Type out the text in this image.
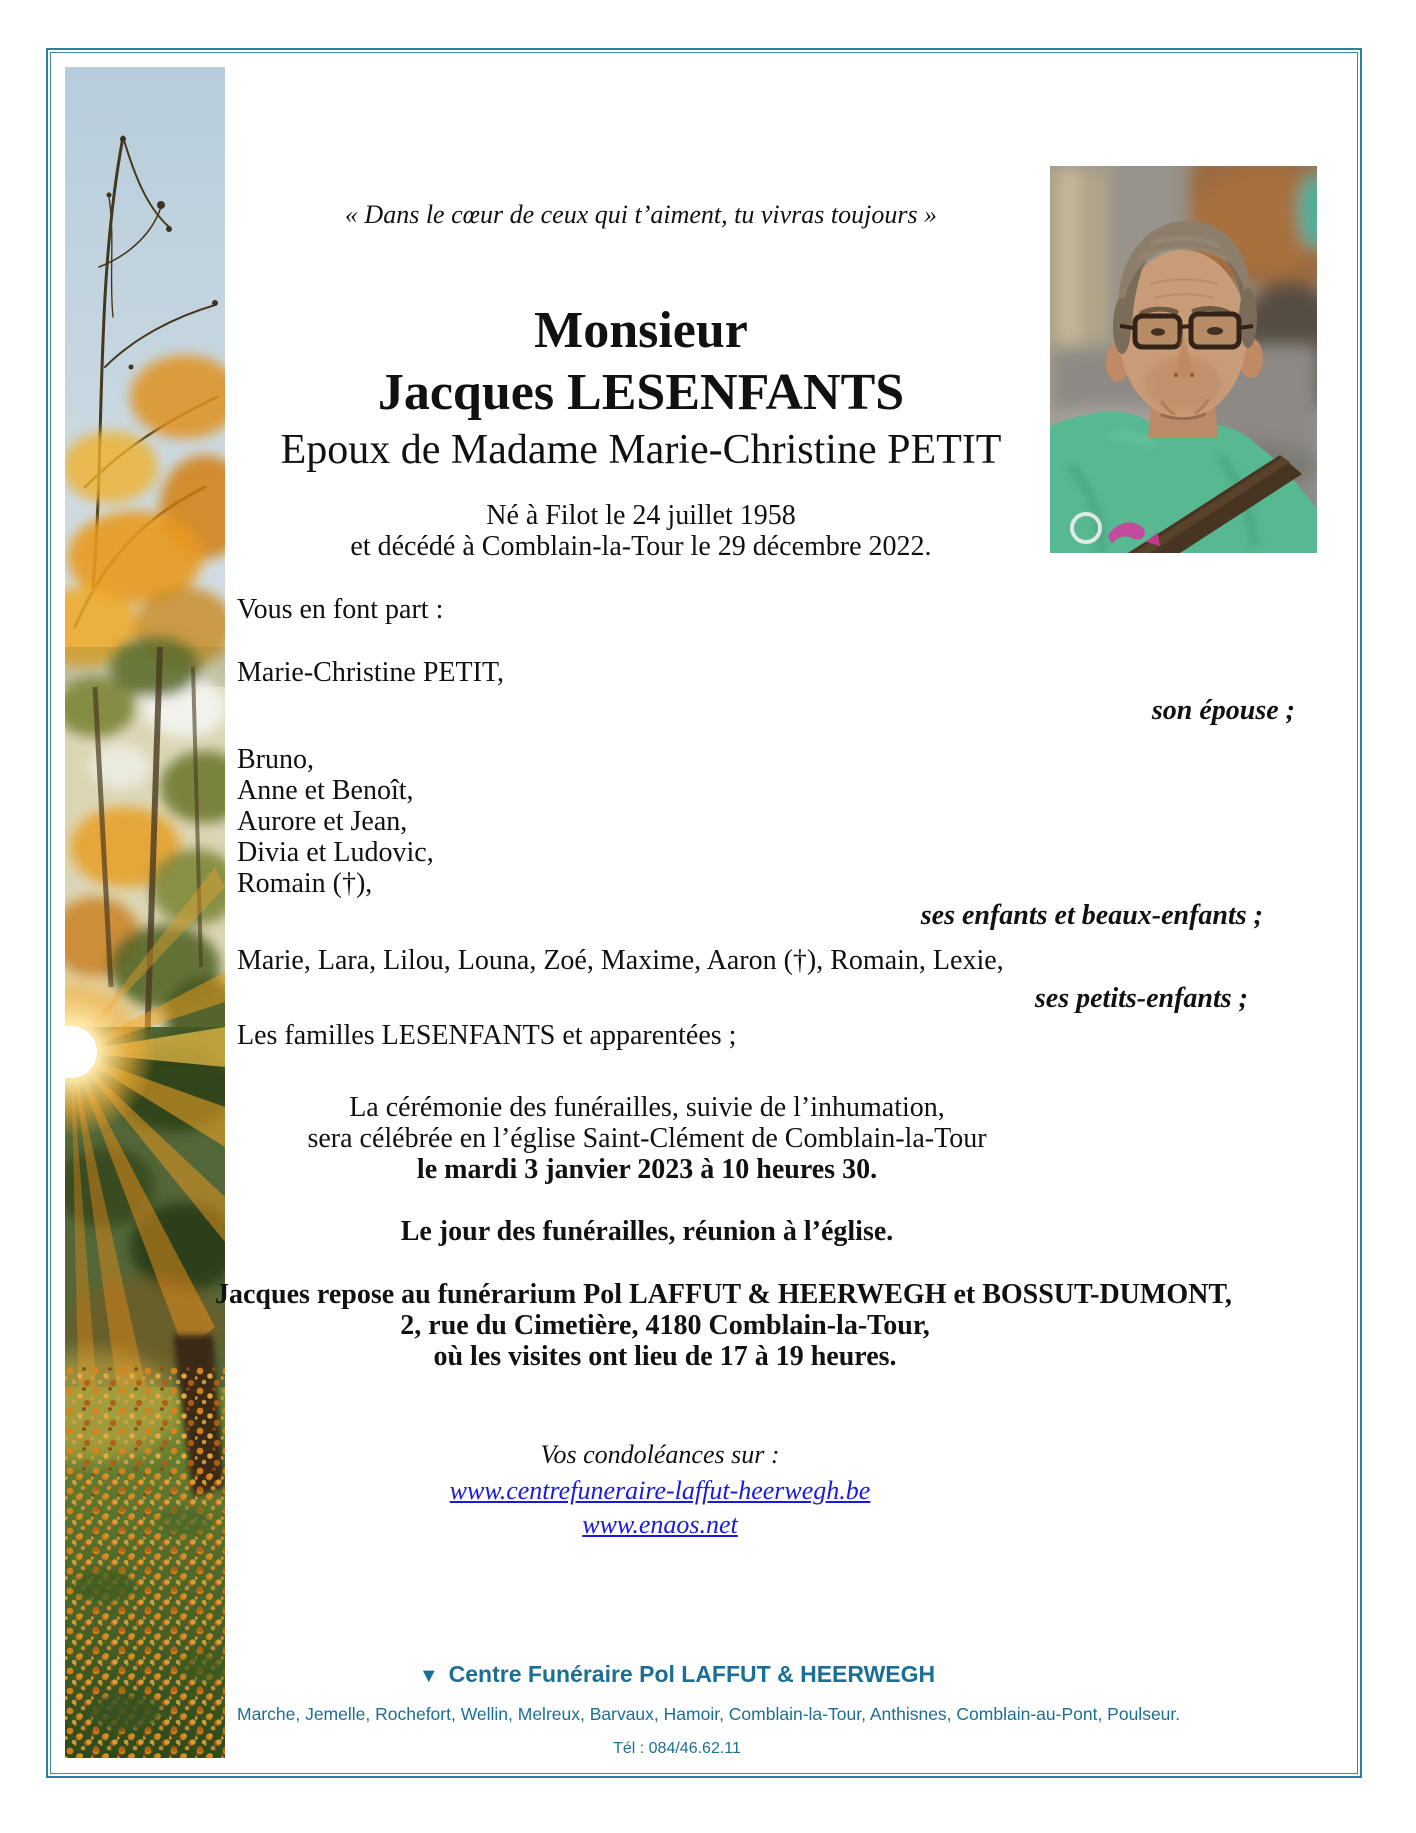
« Dans le cœur de ceux qui t’aiment, tu vivras toujours »
Monsieur
Jacques LESENFANTS
Epoux de Madame Marie-Christine PETIT
Né à Filot le 24 juillet 1958
et décédé à Comblain-la-Tour le 29 décembre 2022.
Vous en font part :
Marie-Christine PETIT,
son épouse ;
Bruno,
Anne et Benoît,
Aurore et Jean,
Divia et Ludovic,
Romain (†),
ses enfants et beaux-enfants ;
Marie, Lara, Lilou, Louna, Zoé, Maxime, Aaron (†), Romain, Lexie,
ses petits-enfants ;
Les familles LESENFANTS et apparentées ;
La cérémonie des funérailles, suivie de l’inhumation,
sera célébrée en l’église Saint-Clément de Comblain-la-Tour
le mardi 3 janvier 2023 à 10 heures 30.
Le jour des funérailles, réunion à l’église.
Jacques repose au funérarium Pol LAFFUT & HEERWEGH et BOSSUT-DUMONT,
2, rue du Cimetière, 4180 Comblain-la-Tour,
où les visites ont lieu de 17 à 19 heures.
Vos condoléances sur :
www.centrefuneraire-laffut-heerwegh.be
www.enaos.net
▼ Centre Funéraire Pol LAFFUT & HEERWEGH
Marche, Jemelle, Rochefort, Wellin, Melreux, Barvaux, Hamoir, Comblain-la-Tour, Anthisnes, Comblain-au-Pont, Poulseur.
Tél : 084/46.62.11
